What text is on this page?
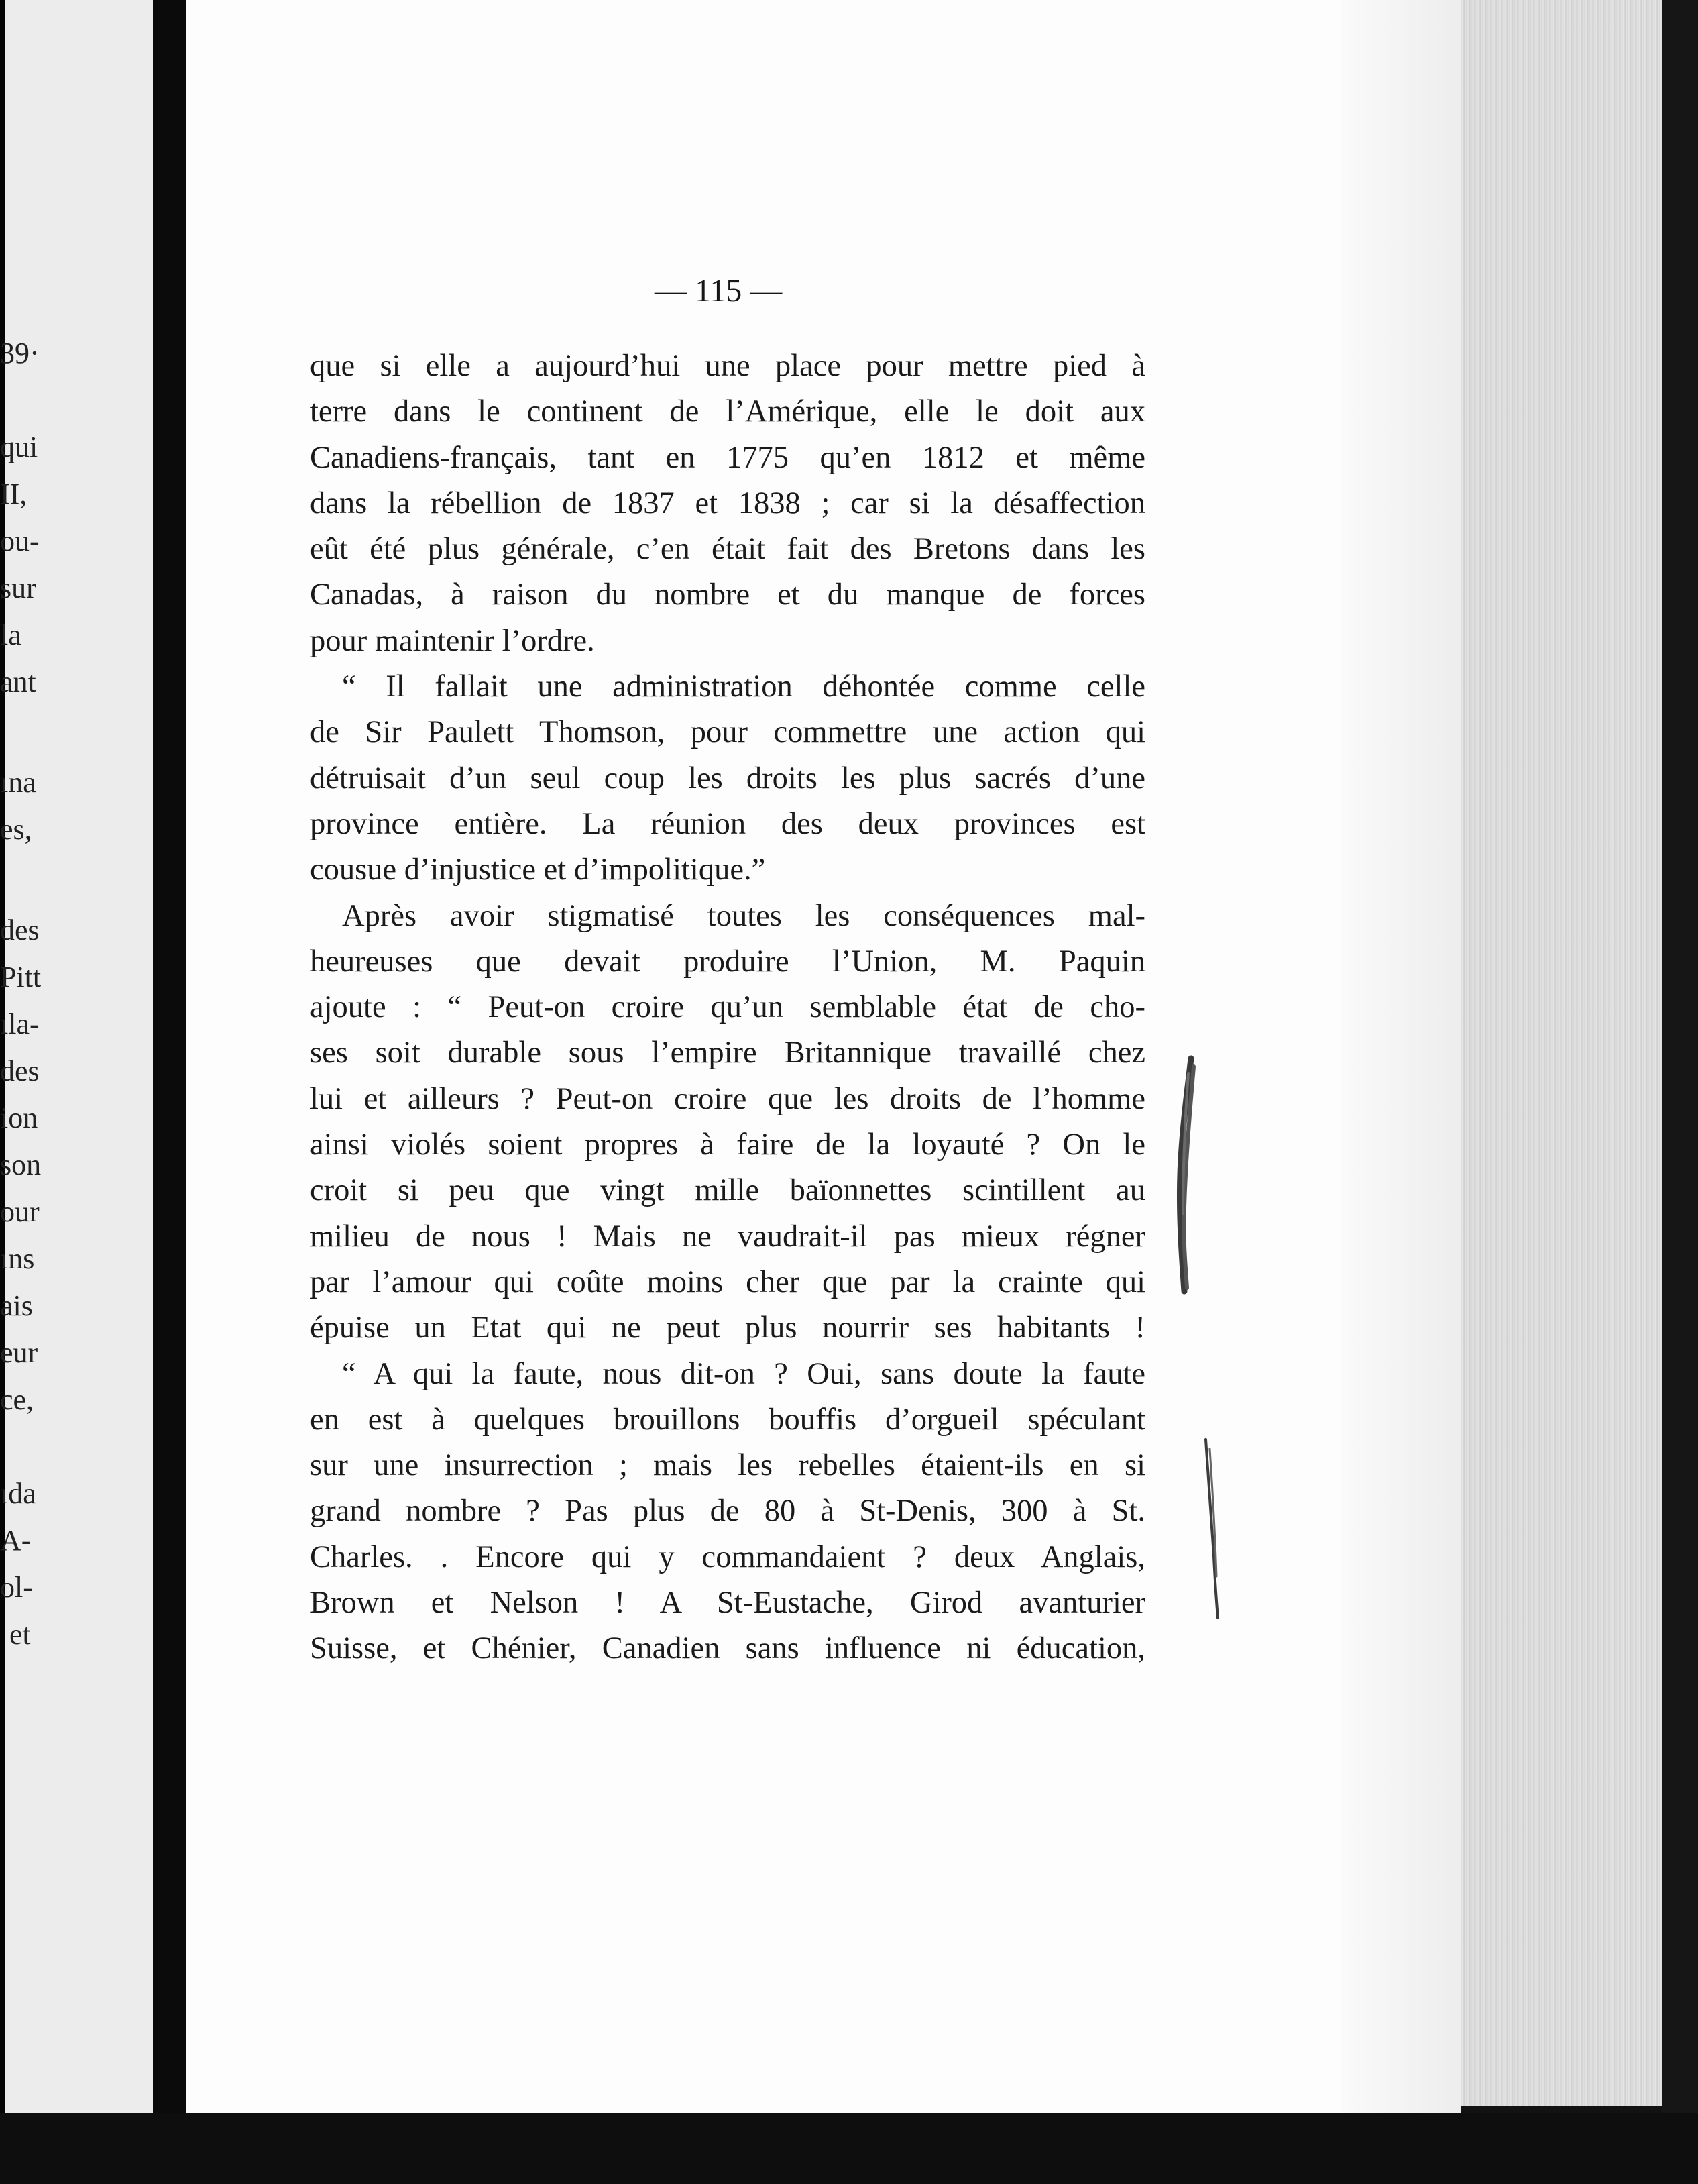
39·
qui
II,
ou-
sur
la
ant
ına
es,
des
Pitt
ıla-
des
ion
son
our
ıns
ais
eur
ce,
ıda
A-
ol-
et
— 115 —
que si elle a aujourd’hui une place pour mettre pied à
terre dans le continent de l’Amérique, elle le doit aux
Canadiens-français, tant en 1775 qu’en 1812 et même
dans la rébellion de 1837 et 1838 ; car si la désaffection
eût été plus générale, c’en était fait des Bretons dans les
Canadas, à raison du nombre et du manque de forces
pour maintenir l’ordre.
“ Il fallait une administration déhontée comme celle
de Sir Paulett Thomson, pour commettre une action qui
détruisait d’un seul coup les droits les plus sacrés d’une
province entière. La réunion des deux provinces est
cousue d’injustice et d’impolitique.”
Après avoir stigmatisé toutes les conséquences mal-
heureuses que devait produire l’Union, M. Paquin
ajoute : “ Peut-on croire qu’un semblable état de cho-
ses soit durable sous l’empire Britannique travaillé chez
lui et ailleurs ? Peut-on croire que les droits de l’homme
ainsi violés soient propres à faire de la loyauté ? On le
croit si peu que vingt mille baïonnettes scintillent au
milieu de nous ! Mais ne vaudrait-il pas mieux régner
par l’amour qui coûte moins cher que par la crainte qui
épuise un Etat qui ne peut plus nourrir ses habitants !
“ A qui la faute, nous dit-on ? Oui, sans doute la faute
en est à quelques brouillons bouffis d’orgueil spéculant
sur une insurrection ; mais les rebelles étaient-ils en si
grand nombre ? Pas plus de 80 à St-Denis, 300 à St.
Charles. . Encore qui y commandaient ? deux Anglais,
Brown et Nelson ! A St-Eustache, Girod avanturier
Suisse, et Chénier, Canadien sans influence ni éducation,
